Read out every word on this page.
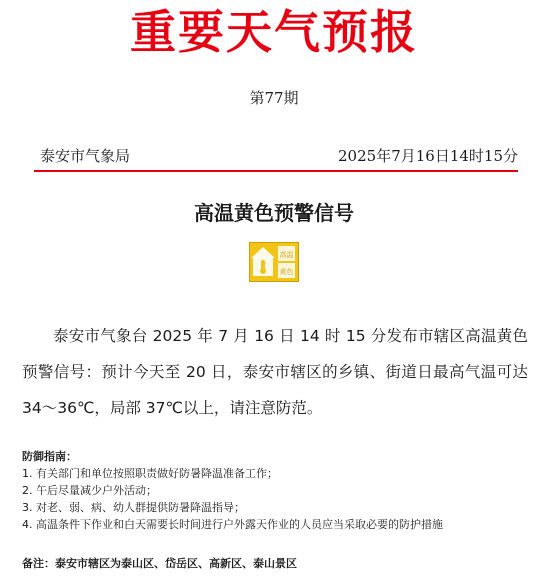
重要天气预报
第77期
泰安市气象局	2025年7月16日14时15分
高温黄色预警信号
高温
黄色

泰安市气象台 2025 年 7 月 16 日 14 时 15 分发布市辖区高温黄色预警信号：预计今天至 20 日，泰安市辖区的乡镇、街道日最高气温可达 34～36℃，局部 37℃以上，请注意防范。

防御指南：
1. 有关部门和单位按照职责做好防暑降温准备工作；
2. 午后尽量减少户外活动；
3. 对老、弱、病、幼人群提供防暑降温指导；
4. 高温条件下作业和白天需要长时间进行户外露天作业的人员应当采取必要的防护措施
备注：泰安市辖区为泰山区、岱岳区、高新区、泰山景区
